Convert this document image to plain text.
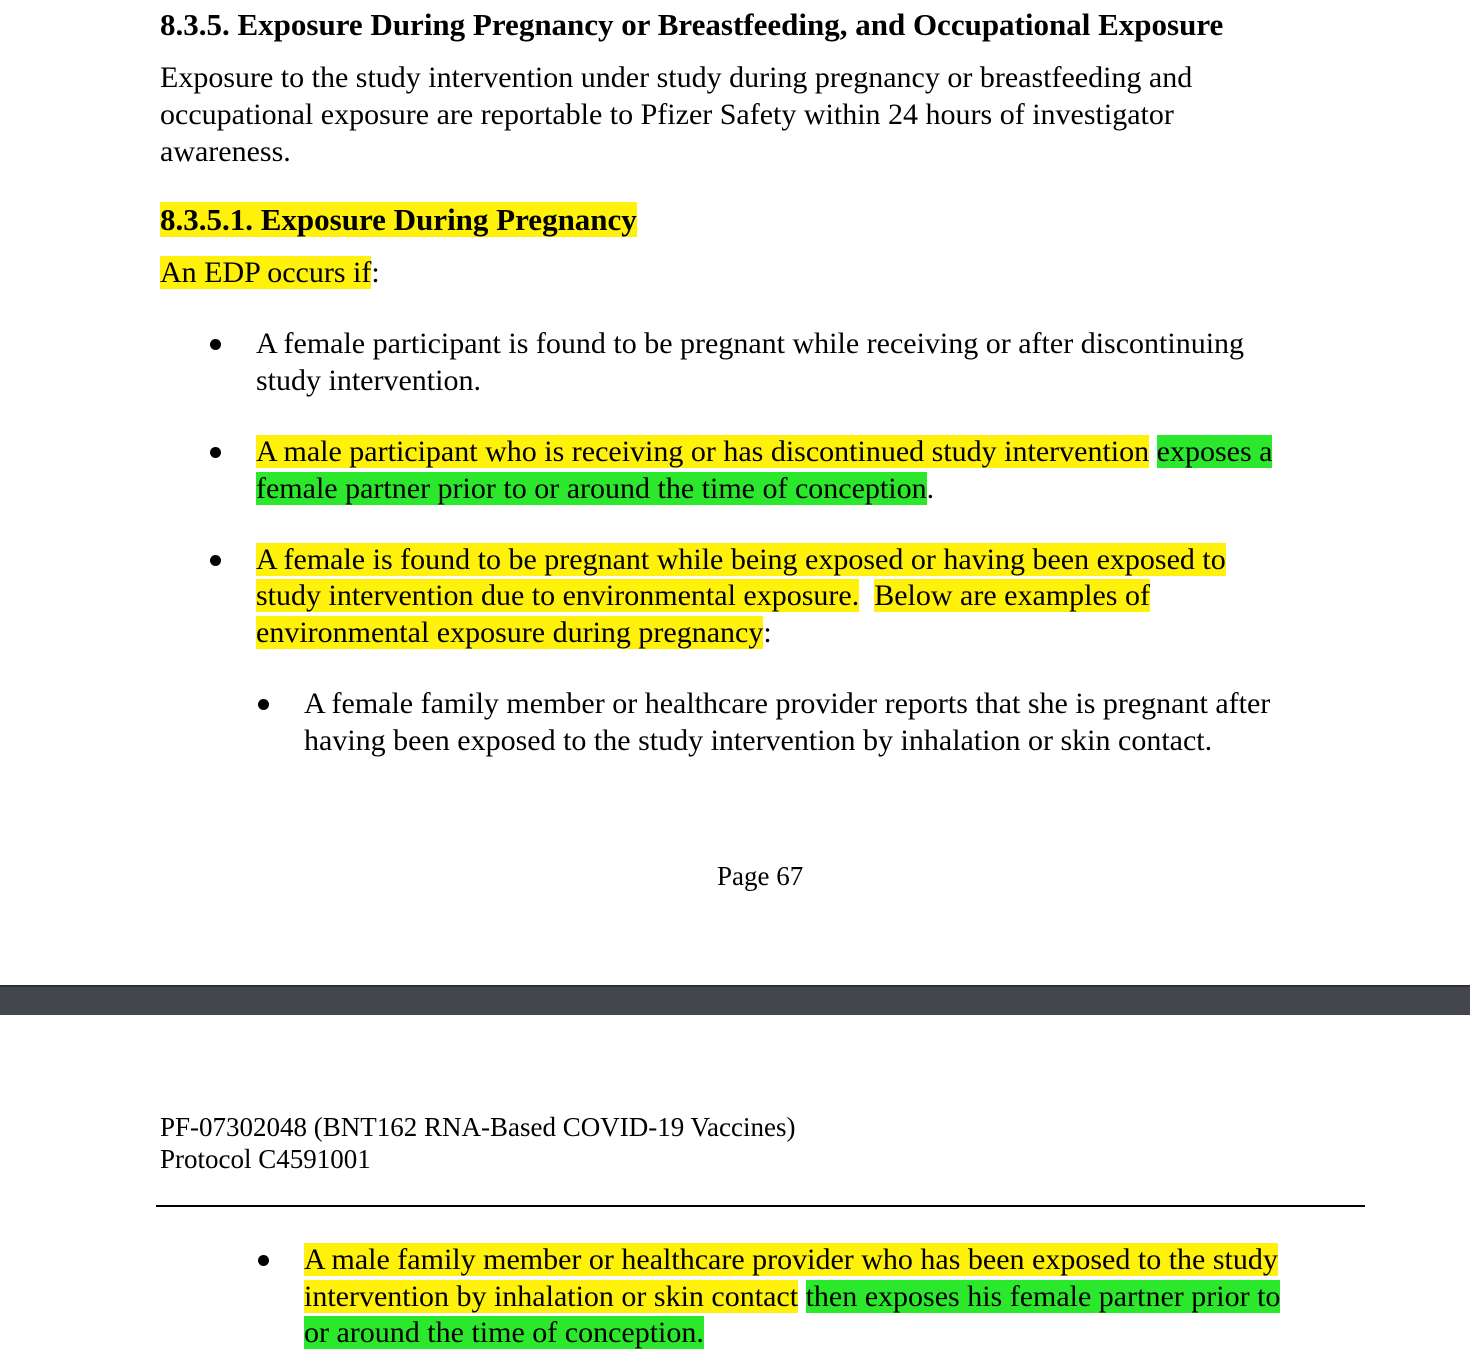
8.3.5. Exposure During Pregnancy or Breastfeeding, and Occupational Exposure
Exposure to the study intervention under study during pregnancy or breastfeeding and
occupational exposure are reportable to Pfizer Safety within 24 hours of investigator
awareness.
8.3.5.1. Exposure During Pregnancy
An EDP occurs if:
A female participant is found to be pregnant while receiving or after discontinuing
study intervention.
A male participant who is receiving or has discontinued study intervention exposes a
female partner prior to or around the time of conception.
A female is found to be pregnant while being exposed or having been exposed to
study intervention due to environmental exposure. Below are examples of
environmental exposure during pregnancy:
A female family member or healthcare provider reports that she is pregnant after
having been exposed to the study intervention by inhalation or skin contact.
Page 67
PF-07302048 (BNT162 RNA-Based COVID-19 Vaccines)
Protocol C4591001
A male family member or healthcare provider who has been exposed to the study
intervention by inhalation or skin contact then exposes his female partner prior to
or around the time of conception.
